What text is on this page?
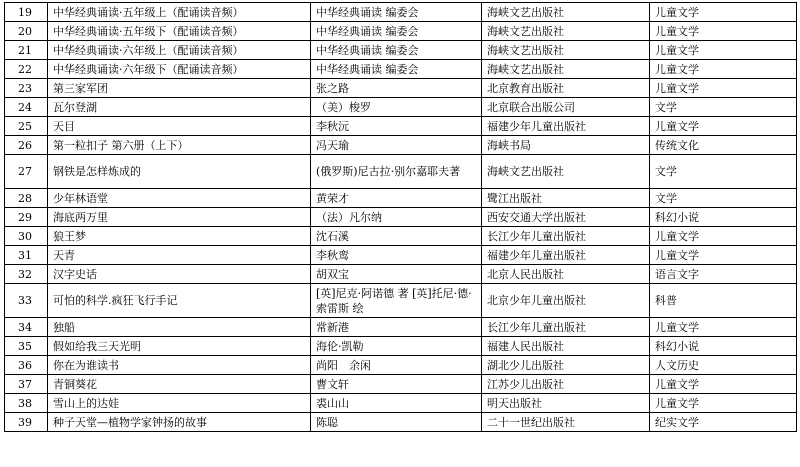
19	中华经典诵读·五年级上（配诵读音频）	中华经典诵读 编委会	海峡文艺出版社	儿童文学
20	中华经典诵读·五年级下（配诵读音频）	中华经典诵读 编委会	海峡文艺出版社	儿童文学
21	中华经典诵读·六年级上（配诵读音频）	中华经典诵读 编委会	海峡文艺出版社	儿童文学
22	中华经典诵读·六年级下（配诵读音频）	中华经典诵读 编委会	海峡文艺出版社	儿童文学
23	第三家军团	张之路	北京教育出版社	儿童文学
24	瓦尔登湖	（美）梭罗	北京联合出版公司	文学
25	天目	李秋沅	福建少年儿童出版社	儿童文学
26	第一粒扣子 第六册（上下）	冯天瑜	海峡书局	传统文化
27	钢铁是怎样炼成的	(俄罗斯)尼古拉·别尔嘉耶夫著	海峡文艺出版社	文学
28	少年林语堂	黄荣才	鹭江出版社	文学
29	海底两万里	（法）凡尔纳	西安交通大学出版社	科幻小说
30	狼王梦	沈石溪	长江少年儿童出版社	儿童文学
31	天青	李秋鸾	福建少年儿童出版社	儿童文学
32	汉字史话	胡双宝	北京人民出版社	语言文字
33	可怕的科学.疯狂飞行手记	[英]尼克·阿诺德 著 [英]托尼·德·索雷斯 绘	北京少年儿童出版社	科普
34	独船	常新港	长江少年儿童出版社	儿童文学
35	假如给我三天光明	海伦·凯勒	福建人民出版社	科幻小说
36	你在为谁读书	尚阳　余闲	湖北少儿出版社	人文历史
37	青铜葵花	曹文轩	江苏少儿出版社	儿童文学
38	雪山上的达娃	裘山山	明天出版社	儿童文学
39	种子天堂—植物学家钟扬的故事	陈聪	二十一世纪出版社	纪实文学
